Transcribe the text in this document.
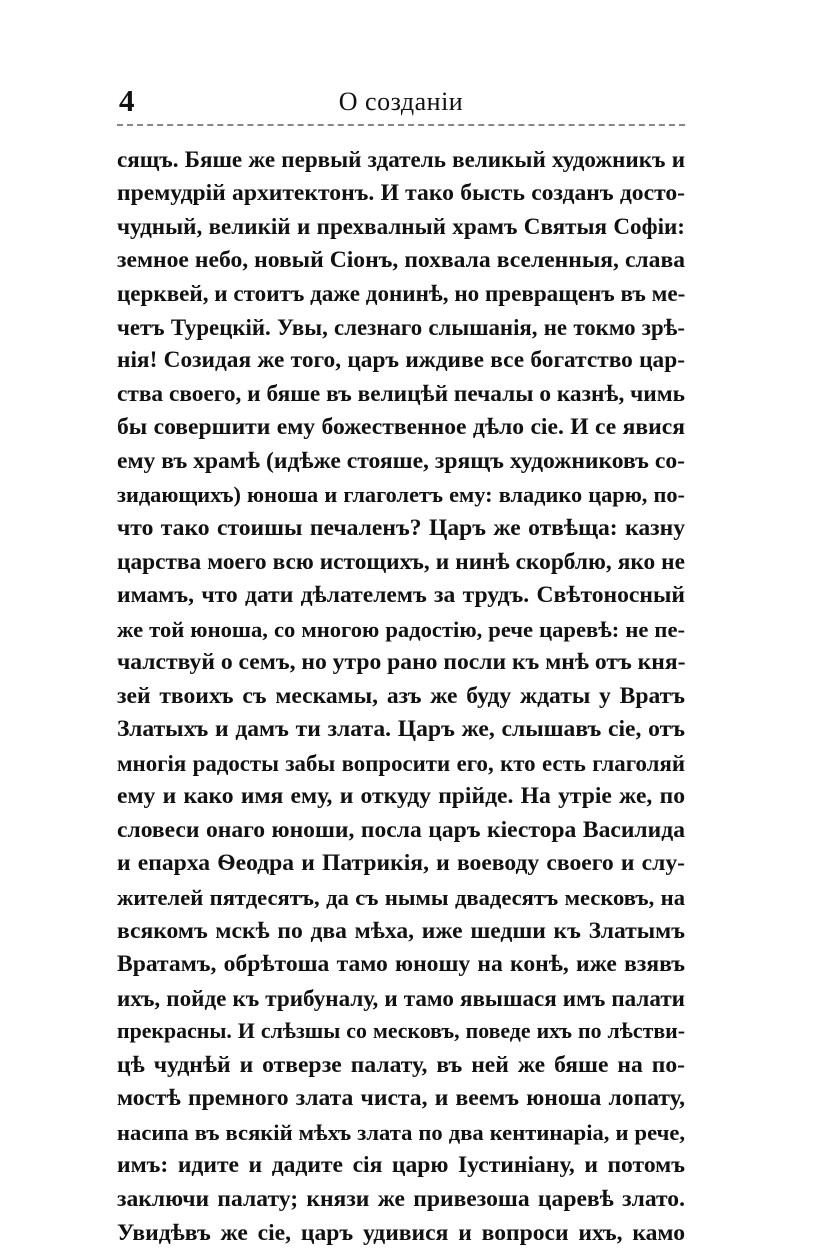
4	О созданіи
сящъ. Бяше же первый здатель великый художникъ и
премудрій архитектонъ. И тако бысть созданъ досто-
чудный, великій и прехвалный храмъ Святыя Софіи:
земное небо, новый Сіонъ, похвала вселенныя, слава
церквей, и стоитъ даже донинѣ, но превращенъ въ ме-
четъ Турецкій. Увы, слезнаго слышанія, не токмо зрѣ-
нія! Созидая же того, царъ иждиве все богатство цар-
ства своего, и бяше въ велицѣй печалы о казнѣ, чимь
бы совершити ему божественное дѣло сіе. И се явися
ему въ храмѣ (идѣже стояше, зрящъ художниковъ со-
зидающихъ) юноша и глаголетъ ему: владико царю, по-
что тако стоишы печаленъ? Царъ же отвѣща: казну
царства моего всю истощихъ, и нинѣ скорблю, яко не
имамъ, что дати дѣлателемъ за трудъ. Свѣтоносный
же той юноша, со многою радостію, рече царевѣ: не пе-
чалствуй о семъ, но утро рано посли къ мнѣ отъ кня-
зей твоихъ съ мескамы, азъ же буду ждаты у Вратъ
Златыхъ и дамъ ти злата. Царъ же, слышавъ сіе, отъ
многія радосты забы вопросити его, кто есть глаголяй
ему и како имя ему, и откуду прійде. На утріе же, по
словеси онаго юноши, посла царъ кіестора Василида
и епарха Ѳеодра и Патрикія, и воеводу своего и слу-
жителей пятдесятъ, да съ нымы двадесятъ месковъ, на
всякомъ мскѣ по два мѣха, иже шедши къ Златымъ
Вратамъ, обрѣтоша тамо юношу на конѣ, иже взявъ
ихъ, пойде къ трибуналу, и тамо явышася имъ палати
прекрасны. И слѣзшы со месковъ, поведе ихъ по лѣстви-
цѣ чуднѣй и отверзе палату, въ ней же бяше на по-
мостѣ премного злата чиста, и веемъ юноша лопату,
насипа въ всякій мѣхъ злата по два кентинаріа, и рече,
имъ: идите и дадите сія царю Іустиніану, и потомъ
заключи палату; князи же привезоша царевѣ злато.
Увидѣвъ же сіе, царъ удивися и вопроси ихъ, камо
